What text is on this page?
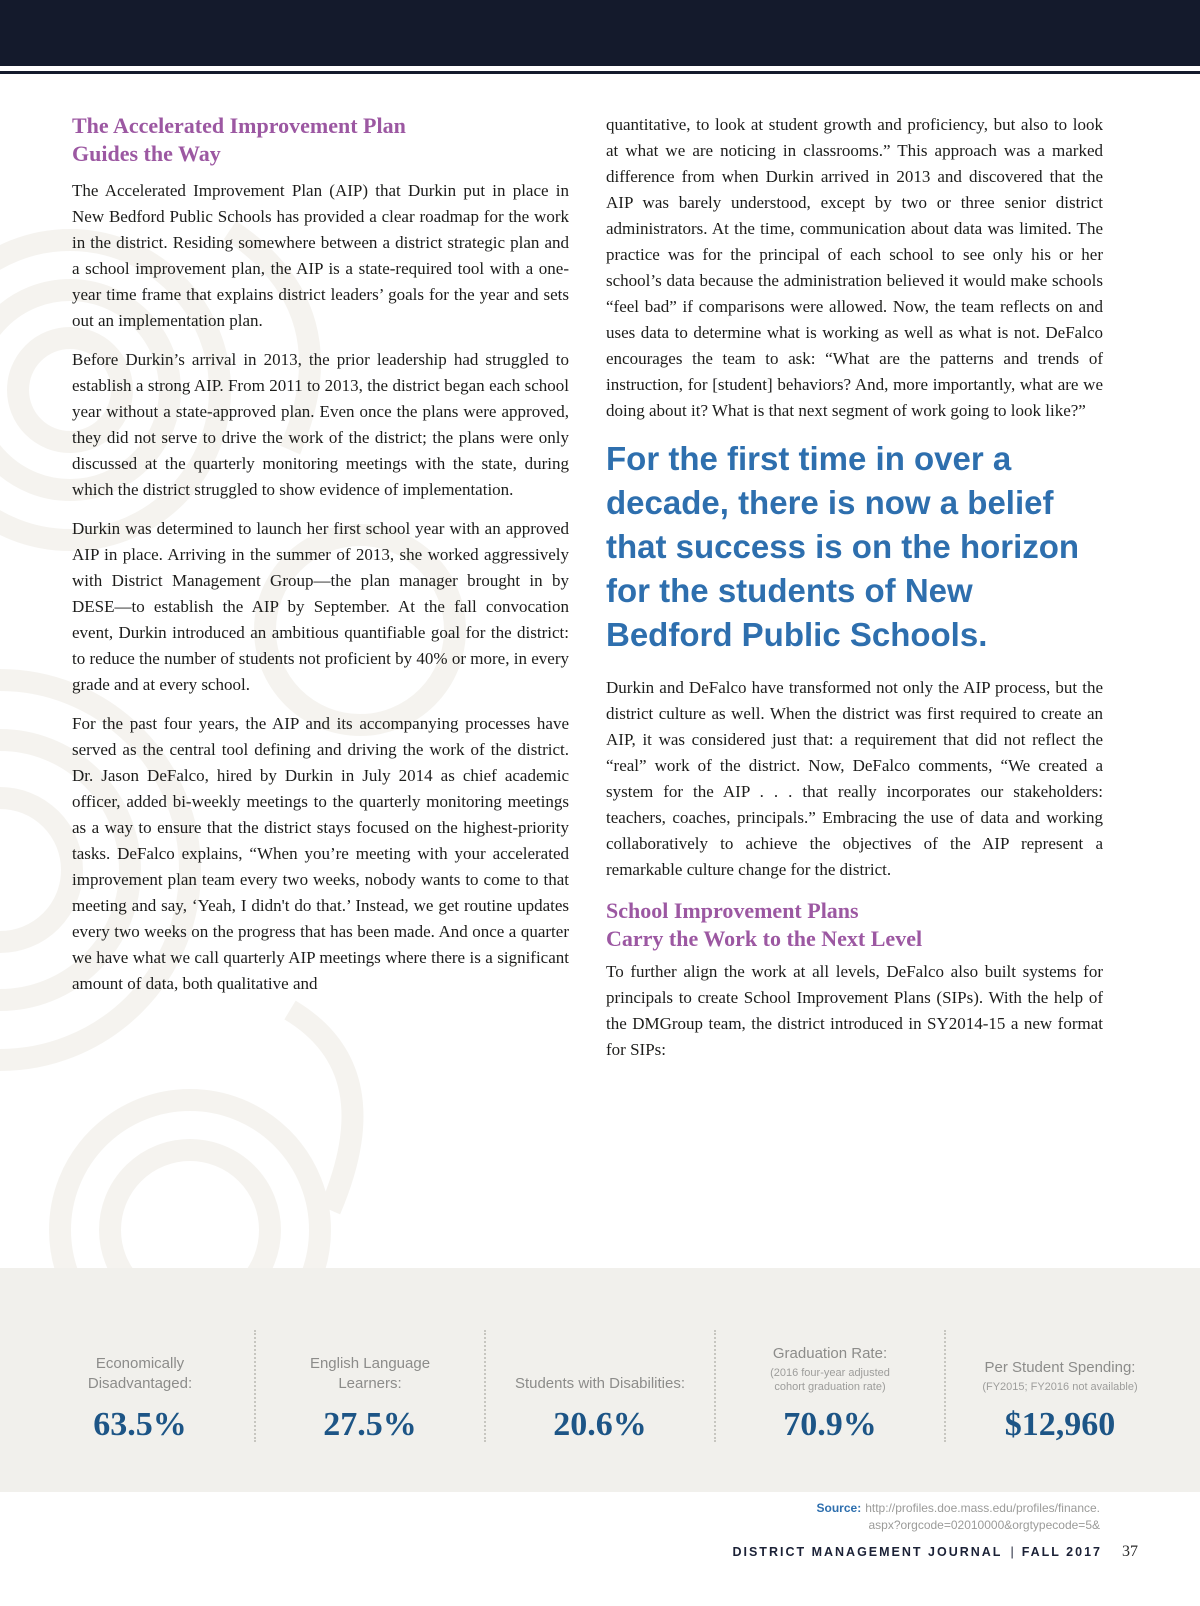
The Accelerated Improvement Plan
Guides the Way

The Accelerated Improvement Plan (AIP) that Durkin put in place in New Bedford Public Schools has provided a clear roadmap for the work in the district. Residing somewhere between a district strategic plan and a school improvement plan, the AIP is a state-required tool with a one-year time frame that explains district leaders’ goals for the year and sets out an implementation plan.

Before Durkin’s arrival in 2013, the prior leadership had struggled to establish a strong AIP. From 2011 to 2013, the district began each school year without a state-approved plan. Even once the plans were approved, they did not serve to drive the work of the district; the plans were only discussed at the quarterly monitoring meetings with the state, during which the district struggled to show evidence of implementation.

Durkin was determined to launch her first school year with an approved AIP in place. Arriving in the summer of 2013, she worked aggressively with District Management Group—the plan manager brought in by DESE—to establish the AIP by September. At the fall convocation event, Durkin introduced an ambitious quantifiable goal for the district: to reduce the number of students not proficient by 40% or more, in every grade and at every school.

For the past four years, the AIP and its accompanying processes have served as the central tool defining and driving the work of the district. Dr. Jason DeFalco, hired by Durkin in July 2014 as chief academic officer, added bi-weekly meetings to the quarterly monitoring meetings as a way to ensure that the district stays focused on the highest-priority tasks. DeFalco explains, “When you’re meeting with your accelerated improvement plan team every two weeks, nobody wants to come to that meeting and say, ‘Yeah, I didn't do that.’ Instead, we get routine updates every two weeks on the progress that has been made. And once a quarter we have what we call quarterly AIP meetings where there is a significant amount of data, both qualitative and

quantitative, to look at student growth and proficiency, but also to look at what we are noticing in classrooms.” This approach was a marked difference from when Durkin arrived in 2013 and discovered that the AIP was barely understood, except by two or three senior district administrators. At the time, communication about data was limited. The practice was for the principal of each school to see only his or her school’s data because the administration believed it would make schools “feel bad” if comparisons were allowed. Now, the team reflects on and uses data to determine what is working as well as what is not. DeFalco encourages the team to ask: “What are the patterns and trends of instruction, for [student] behaviors? And, more importantly, what are we doing about it? What is that next segment of work going to look like?”

For the first time in over a decade, there is now a belief that success is on the horizon for the students of New Bedford Public Schools.

Durkin and DeFalco have transformed not only the AIP process, but the district culture as well. When the district was first required to create an AIP, it was considered just that: a requirement that did not reflect the “real” work of the district. Now, DeFalco comments, “We created a system for the AIP . . . that really incorporates our stakeholders: teachers, coaches, principals.” Embracing the use of data and working collaboratively to achieve the objectives of the AIP represent a remarkable culture change for the district.

School Improvement Plans
Carry the Work to the Next Level

To further align the work at all levels, DeFalco also built systems for principals to create School Improvement Plans (SIPs). With the help of the DMGroup team, the district introduced in SY2014-15 a new format for SIPs:

Economically Disadvantaged:
63.5%
English Language Learners:
27.5%
Students with Disabilities:
20.6%
Graduation Rate:
(2016 four-year adjusted cohort graduation rate)
70.9%
Per Student Spending:
(FY2015; FY2016 not available)
$12,960
Source: http://profiles.doe.mass.edu/profiles/finance.
aspx?orgcode=02010000&orgtypecode=5&
DISTRICT MANAGEMENT JOURNAL | FALL 2017 37
